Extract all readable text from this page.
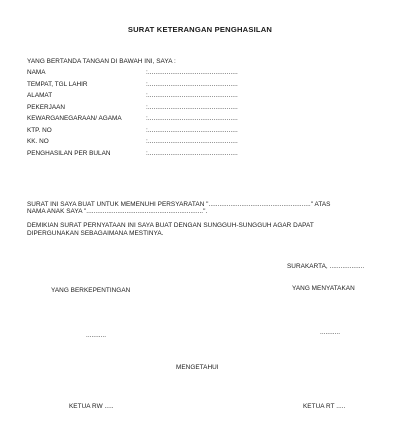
SURAT KETERANGAN PENGHASILAN
YANG BERTANDA TANGAN DI BAWAH INI, SAYA :
NAMA	:................................................
TEMPAT, TGL LAHIR	:................................................
ALAMAT	:................................................
PEKERJAAN	:................................................
KEWARGANEGARAAN/ AGAMA	:................................................
KTP. NO	:................................................
KK. NO	:................................................
PENGHASILAN PER BULAN	:................................................
SURAT INI SAYA BUAT UNTUK MEMENUHI PERSYARATAN "........................................................" ATAS
NAMA ANAK SAYA "................................................................".
DEMIKIAN SURAT PERNYATAAN INI SAYA BUAT DENGAN SUNGGUH-SUNGGUH AGAR DAPAT
DIPERGUNAKAN SEBAGAIMANA MESTINYA.
SURAKARTA, ...................
YANG BERKEPENTINGAN	YANG MENYATAKAN
...........	...........
MENGETAHUI
KETUA RW .....	KETUA RT .....
